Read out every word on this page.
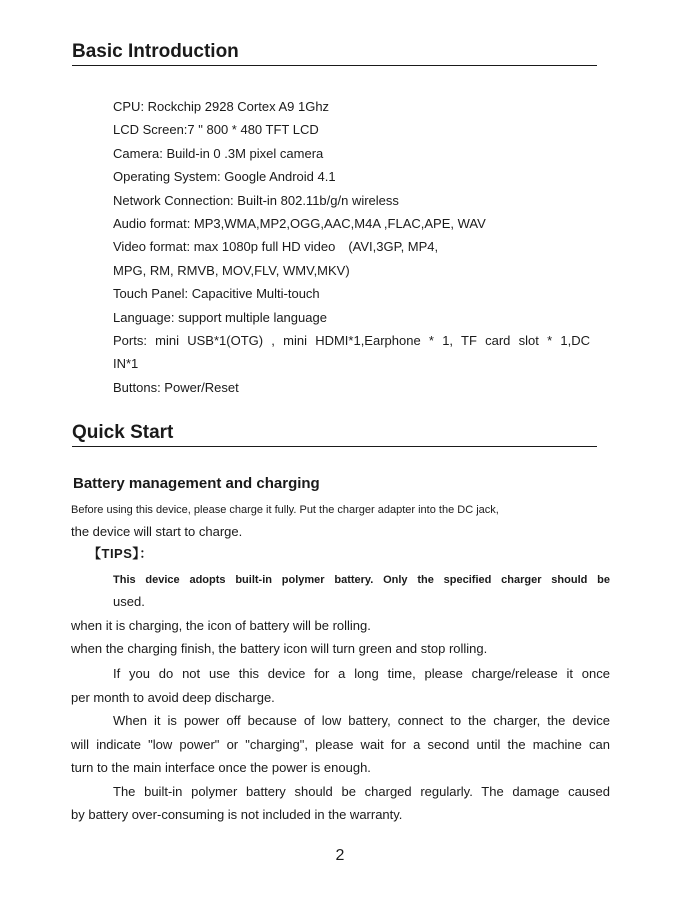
Basic Introduction
CPU: Rockchip 2928 Cortex A9 1Ghz
LCD Screen:7 " 800 * 480 TFT LCD
Camera: Build-in 0 .3M pixel camera
Operating System: Google Android 4.1
Network Connection: Built-in 802.11b/g/n wireless
Audio format: MP3,WMA,MP2,OGG,AAC,M4A ,FLAC,APE, WAV
Video format: max 1080p full HD video　(AVI,3GP, MP4,
MPG, RM, RMVB, MOV,FLV, WMV,MKV)
Touch Panel: Capacitive Multi-touch
Language: support multiple language
Ports: mini USB*1(OTG) , mini HDMI*1,Earphone * 1, TF card slot * 1,DC
IN*1
Buttons: Power/Reset
Quick Start
Battery management and charging

Before using this device, please charge it fully. Put the charger adapter into the DC jack,

the device will start to charge.

【TIPS】：

This device adopts built-in polymer battery. Only the specified charger should be

used.

when it is charging, the icon of battery will be rolling.

when the charging finish, the battery icon will turn green and stop rolling.

If you do not use this device for a long time, please charge/release it once

per month to avoid deep discharge.

When it is power off because of low battery, connect to the charger, the device

will indicate "low power" or "charging", please wait for a second until the machine can

turn to the main interface once the power is enough.

The built-in polymer battery should be charged regularly. The damage caused

by battery over-consuming is not included in the warranty.

2
